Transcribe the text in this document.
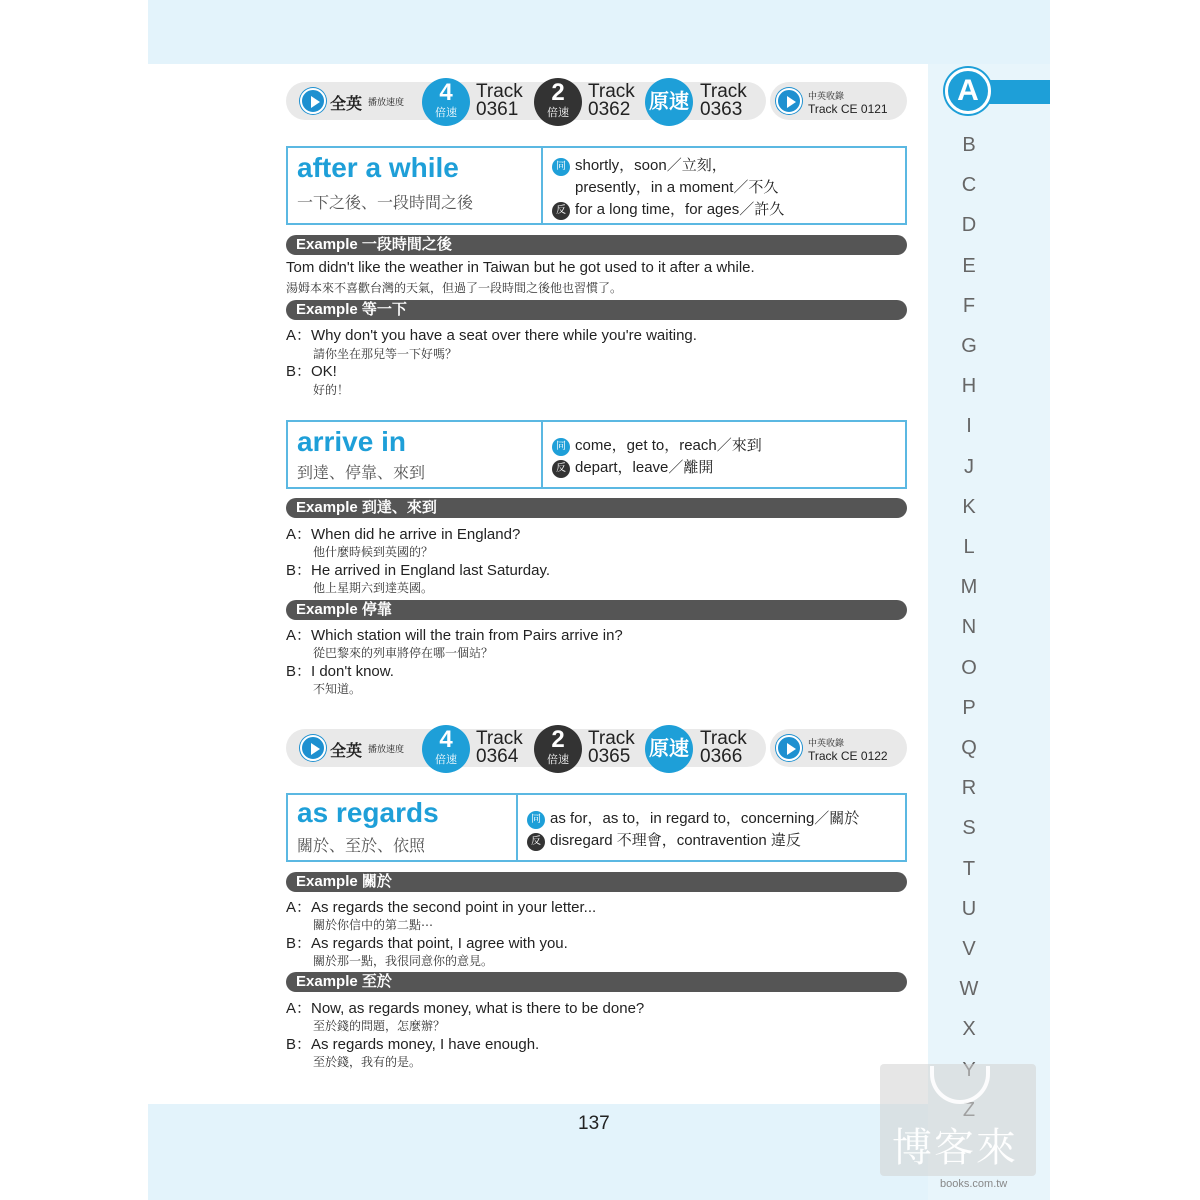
全英 播放速度	4
倍速
Track
0361
2
倍速
Track
0362 原速 Track
0363
中英收錄
Track CE 0121
after a while
一下之後、一段時間之後
同 shortly，soon／立刻，
presently，in a moment／不久
反 for a long time，for ages／許久
Example 一段時間之後
Tom didn't like the weather in Taiwan but he got used to it after a while.
湯姆本來不喜歡台灣的天氣，但過了一段時間之後他也習慣了。
Example 等一下
A：Why don't you have a seat over there while you're waiting.
請你坐在那兒等一下好嗎？
B：OK!
好的！
arrive in
到達、停靠、來到
同 come，get to，reach／來到
反 depart，leave／離開
Example 到達、來到
A：When did he arrive in England?
他什麼時候到英國的？
B：He arrived in England last Saturday.
他上星期六到達英國。
Example 停靠
A：Which station will the train from Pairs arrive in?
從巴黎來的列車將停在哪一個站？
B：I don't know.
不知道。
全英 播放速度	4
倍速
Track
0364
2
倍速
Track
0365 原速 Track
0366
中英收錄
Track CE 0122
as regards
關於、至於、依照
同 as for，as to，in regard to，concerning／關於
反 disregard 不理會，contravention 違反
Example 關於
A：As regards the second point in your letter...
關於你信中的第二點⋯
B：As regards that point, I agree with you.
關於那一點，我很同意你的意見。
Example 至於
A：Now, as regards money, what is there to be done?
至於錢的問題，怎麼辦？
B：As regards money, I have enough.
至於錢，我有的是。
137
A
B
C
D
E
F
G
H
I
J
K
L
M
N
O
P
Q
R
S
T
U
V
W
X
博客來
books.com.tw
